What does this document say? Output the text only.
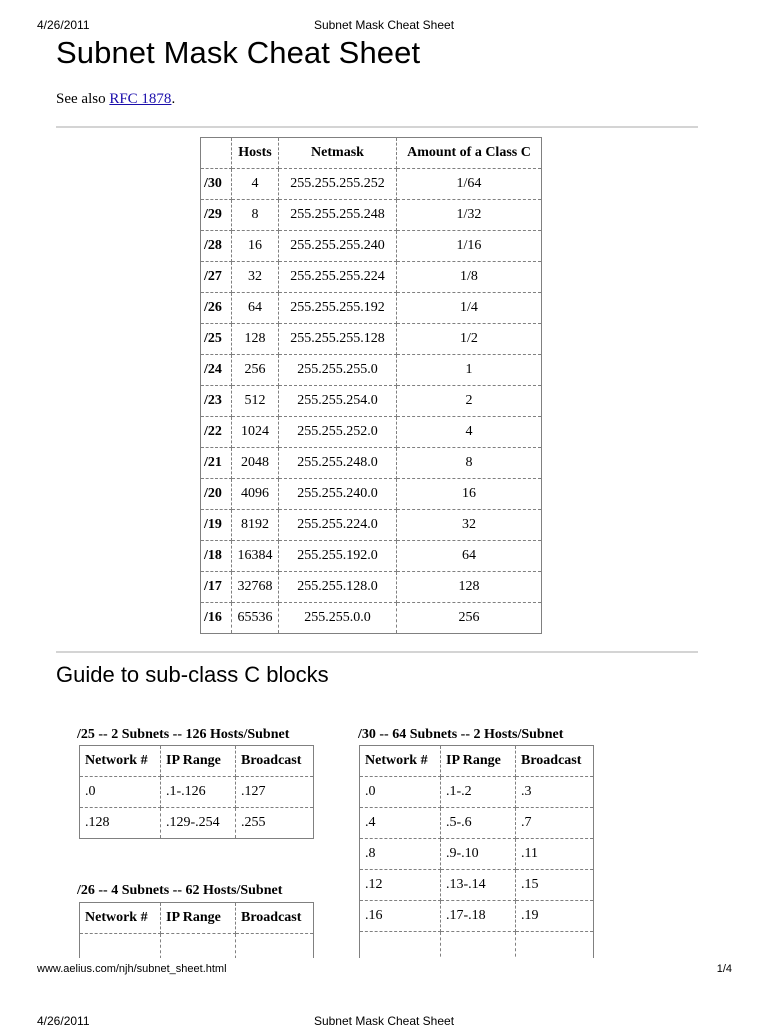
4/26/2011	Subnet Mask Cheat Sheet
Subnet Mask Cheat Sheet
See also RFC 1878.
	Hosts	Netmask	Amount of a Class C
/30	4	255.255.255.252	1/64
/29	8	255.255.255.248	1/32
/28	16	255.255.255.240	1/16
/27	32	255.255.255.224	1/8
/26	64	255.255.255.192	1/4
/25	128	255.255.255.128	1/2
/24	256	255.255.255.0	1
/23	512	255.255.254.0	2
/22	1024	255.255.252.0	4
/21	2048	255.255.248.0	8
/20	4096	255.255.240.0	16
/19	8192	255.255.224.0	32
/18	16384	255.255.192.0	64
/17	32768	255.255.128.0	128
/16	65536	255.255.0.0	256
Guide to sub-class C blocks
/25 -- 2 Subnets -- 126 Hosts/Subnet
Network #	IP Range	Broadcast
.0	.1-.126	.127
.128	.129-.254	.255
/26 -- 4 Subnets -- 62 Hosts/Subnet
Network #	IP Range	Broadcast

/30 -- 64 Subnets -- 2 Hosts/Subnet
Network #	IP Range	Broadcast
.0	.1-.2	.3
.4	.5-.6	.7
.8	.9-.10	.11
.12	.13-.14	.15
.16	.17-.18	.19

www.aelius.com/njh/subnet_sheet.html	1/4
4/26/2011	Subnet Mask Cheat Sheet
